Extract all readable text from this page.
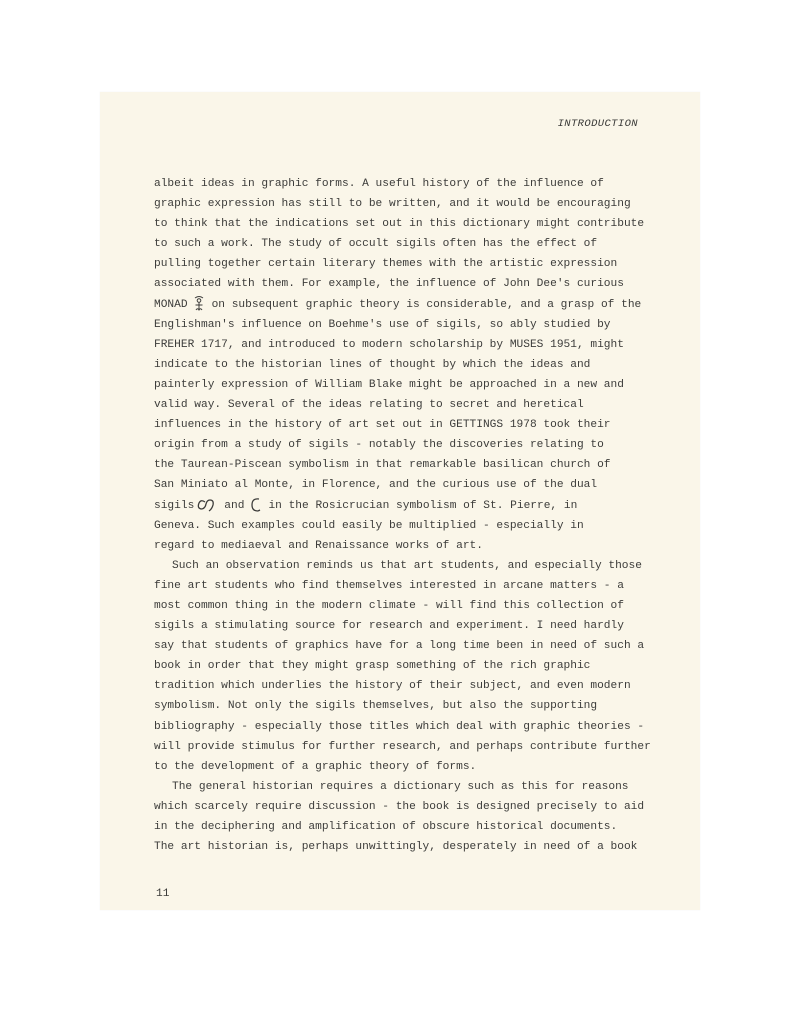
INTRODUCTION
albeit ideas in graphic forms. A useful history of the influence of
graphic expression has still to be written, and it would be encouraging
to think that the indications set out in this dictionary might contribute
to such a work. The study of occult sigils often has the effect of
pulling together certain literary themes with the artistic expression
associated with them. For example, the influence of John Dee's curious
MONAD on subsequent graphic theory is considerable, and a grasp of the
Englishman's influence on Boehme's use of sigils, so ably studied by
FREHER 1717, and introduced to modern scholarship by MUSES 1951, might
indicate to the historian lines of thought by which the ideas and
painterly expression of William Blake might be approached in a new and
valid way. Several of the ideas relating to secret and heretical
influences in the history of art set out in GETTINGS 1978 took their
origin from a study of sigils - notably the discoveries relating to
the Taurean-Piscean symbolism in that remarkable basilican church of
San Miniato al Monte, in Florence, and the curious use of the dual
sigils	and in the Rosicrucian symbolism of St. Pierre, in
Geneva. Such examples could easily be multiplied - especially in
regard to mediaeval and Renaissance works of art.
Such an observation reminds us that art students, and especially those
fine art students who find themselves interested in arcane matters - a
most common thing in the modern climate - will find this collection of
sigils a stimulating source for research and experiment. I need hardly
say that students of graphics have for a long time been in need of such a
book in order that they might grasp something of the rich graphic
tradition which underlies the history of their subject, and even modern
symbolism. Not only the sigils themselves, but also the supporting
bibliography - especially those titles which deal with graphic theories -
will provide stimulus for further research, and perhaps contribute further
to the development of a graphic theory of forms.
The general historian requires a dictionary such as this for reasons
which scarcely require discussion - the book is designed precisely to aid
in the deciphering and amplification of obscure historical documents.
The art historian is, perhaps unwittingly, desperately in need of a book
11
